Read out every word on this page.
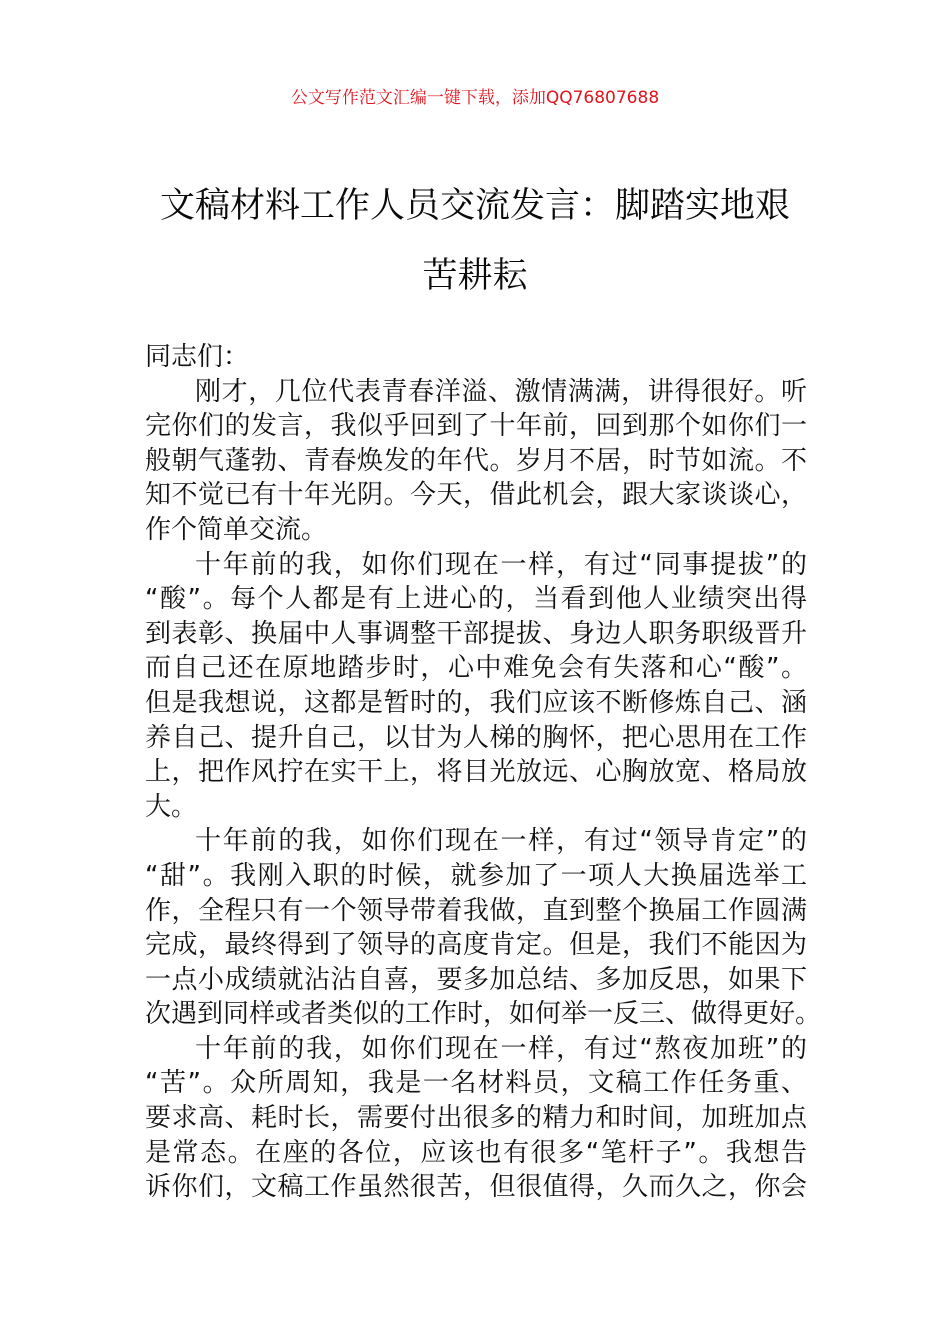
公文写作范文汇编一键下载，添加QQ76807688
文稿材料工作人员交流发言：脚踏实地艰
苦耕耘
同志们：
刚才，几位代表青春洋溢、激情满满，讲得很好。听
完你们的发言，我似乎回到了十年前，回到那个如你们一
般朝气蓬勃、青春焕发的年代。岁月不居，时节如流。不
知不觉已有十年光阴。今天，借此机会，跟大家谈谈心，
作个简单交流。
十年前的我，如你们现在一样，有过“同事提拔”的
“酸”。每个人都是有上进心的，当看到他人业绩突出得
到表彰、换届中人事调整干部提拔、身边人职务职级晋升
而自己还在原地踏步时，心中难免会有失落和心“酸”。
但是我想说，这都是暂时的，我们应该不断修炼自己、涵
养自己、提升自己，以甘为人梯的胸怀，把心思用在工作
上，把作风拧在实干上，将目光放远、心胸放宽、格局放
大。
十年前的我，如你们现在一样，有过“领导肯定”的
“甜”。我刚入职的时候，就参加了一项人大换届选举工
作，全程只有一个领导带着我做，直到整个换届工作圆满
完成，最终得到了领导的高度肯定。但是，我们不能因为
一点小成绩就沾沾自喜，要多加总结、多加反思，如果下
次遇到同样或者类似的工作时，如何举一反三、做得更好。
十年前的我，如你们现在一样，有过“熬夜加班”的
“苦”。众所周知，我是一名材料员，文稿工作任务重、
要求高、耗时长，需要付出很多的精力和时间，加班加点
是常态。在座的各位，应该也有很多“笔杆子”。我想告
诉你们，文稿工作虽然很苦，但很值得，久而久之，你会
